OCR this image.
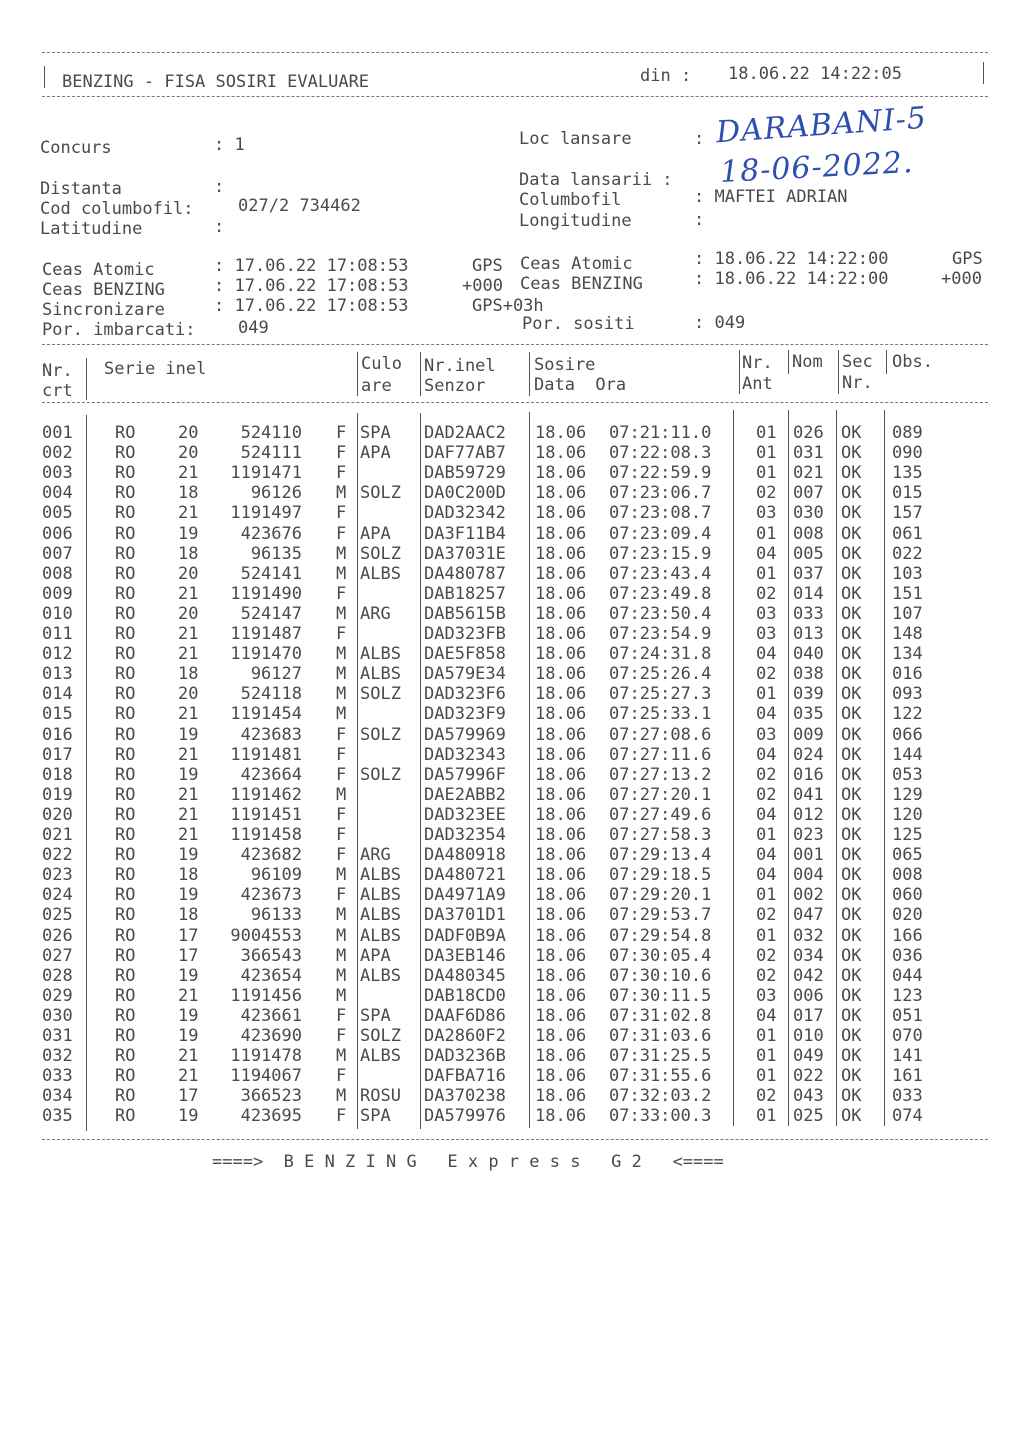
BENZING - FISA SOSIRI EVALUARE	din : 18.06.22 14:22:05
Concurs	: 1
Distanta	:
Cod columbofil:	027/2 734462
Latitudine	:
Loc lansare	: DARABANI-5
Data lansarii : 18-06-2022.
Columbofil	: MAFTEI ADRIAN
Longitudine	:
Ceas Atomic	: 17.06.22 17:08:53	GPS
Ceas BENZING	: 17.06.22 17:08:53	+000
Sincronizare	: 17.06.22 17:08:53	GPS+03h
Por. imbarcati: 049
Ceas Atomic	: 18.06.22 14:22:00	GPS
Ceas BENZING	: 18.06.22 14:22:00	+000
Por. sositi	: 049
Nr.
crt
Serie inel	Culo
are
Nr.inel
Senzor
Sosire
Data  Ora
Nr.
Ant
Nom Sec
Nr.
Obs.
001 RO	20	524110 F SPA DAD2AAC2 18.06 07:21:11.0	01 026 OK 089
002 RO	20	524111 F APA DAF77AB7 18.06 07:22:08.3	01 031 OK 090
003 RO	21	1191471 F	DAB59729 18.06 07:22:59.9	01 021 OK 135
004 RO	18	96126 M SOLZ DA0C200D 18.06 07:23:06.7	02 007 OK 015
005 RO	21	1191497 F	DAD32342 18.06 07:23:08.7	03 030 OK 157
006 RO	19	423676 F APA DA3F11B4 18.06 07:23:09.4	01 008 OK 061
007 RO	18	96135 M SOLZ DA37031E 18.06 07:23:15.9	04 005 OK 022
008 RO	20	524141 M ALBS DA480787 18.06 07:23:43.4	01 037 OK 103
009 RO	21	1191490 F	DAB18257 18.06 07:23:49.8	02 014 OK 151
010 RO	20	524147 M ARG DAB5615B 18.06 07:23:50.4	03 033 OK 107
011 RO	21	1191487 F	DAD323FB 18.06 07:23:54.9	03 013 OK 148
012 RO	21	1191470 M ALBS DAE5F858 18.06 07:24:31.8	04 040 OK 134
013 RO	18	96127 M ALBS DA579E34 18.06 07:25:26.4	02 038 OK 016
014 RO	20	524118 M SOLZ DAD323F6 18.06 07:25:27.3	01 039 OK 093
015 RO	21	1191454 M	DAD323F9 18.06 07:25:33.1	04 035 OK 122
016 RO	19	423683 F SOLZ DA579969 18.06 07:27:08.6	03 009 OK 066
017 RO	21	1191481 F	DAD32343 18.06 07:27:11.6	04 024 OK 144
018 RO	19	423664 F SOLZ DA57996F 18.06 07:27:13.2	02 016 OK 053
019 RO	21	1191462 M	DAE2ABB2 18.06 07:27:20.1	02 041 OK 129
020 RO	21	1191451 F	DAD323EE 18.06 07:27:49.6	04 012 OK 120
021 RO	21	1191458 F	DAD32354 18.06 07:27:58.3	01 023 OK 125
022 RO	19	423682 F ARG DA480918 18.06 07:29:13.4	04 001 OK 065
023 RO	18	96109 M ALBS DA480721 18.06 07:29:18.5	04 004 OK 008
024 RO	19	423673 F ALBS DA4971A9 18.06 07:29:20.1	01 002 OK 060
025 RO	18	96133 M ALBS DA3701D1 18.06 07:29:53.7	02 047 OK 020
026 RO	17	9004553 M ALBS DADF0B9A 18.06 07:29:54.8	01 032 OK 166
027 RO	17	366543 M APA DA3EB146 18.06 07:30:05.4	02 034 OK 036
028 RO	19	423654 M ALBS DA480345 18.06 07:30:10.6	02 042 OK 044
029 RO	21	1191456 M	DAB18CD0 18.06 07:30:11.5	03 006 OK 123
030 RO	19	423661 F SPA DAAF6D86 18.06 07:31:02.8	04 017 OK 051
031 RO	19	423690 F SOLZ DA2860F2 18.06 07:31:03.6	01 010 OK 070
032 RO	21	1191478 M ALBS DAD3236B 18.06 07:31:25.5	01 049 OK 141
033 RO	21	1194067 F	DAFBA716 18.06 07:31:55.6	01 022 OK 161
034 RO	17	366523 M ROSU DA370238 18.06 07:32:03.2	02 043 OK 033
035 RO	19	423695 F SPA DA579976 18.06 07:33:00.3	01 025 OK 074
====>  B E N Z I N G   E x p r e s s   G 2   <====
